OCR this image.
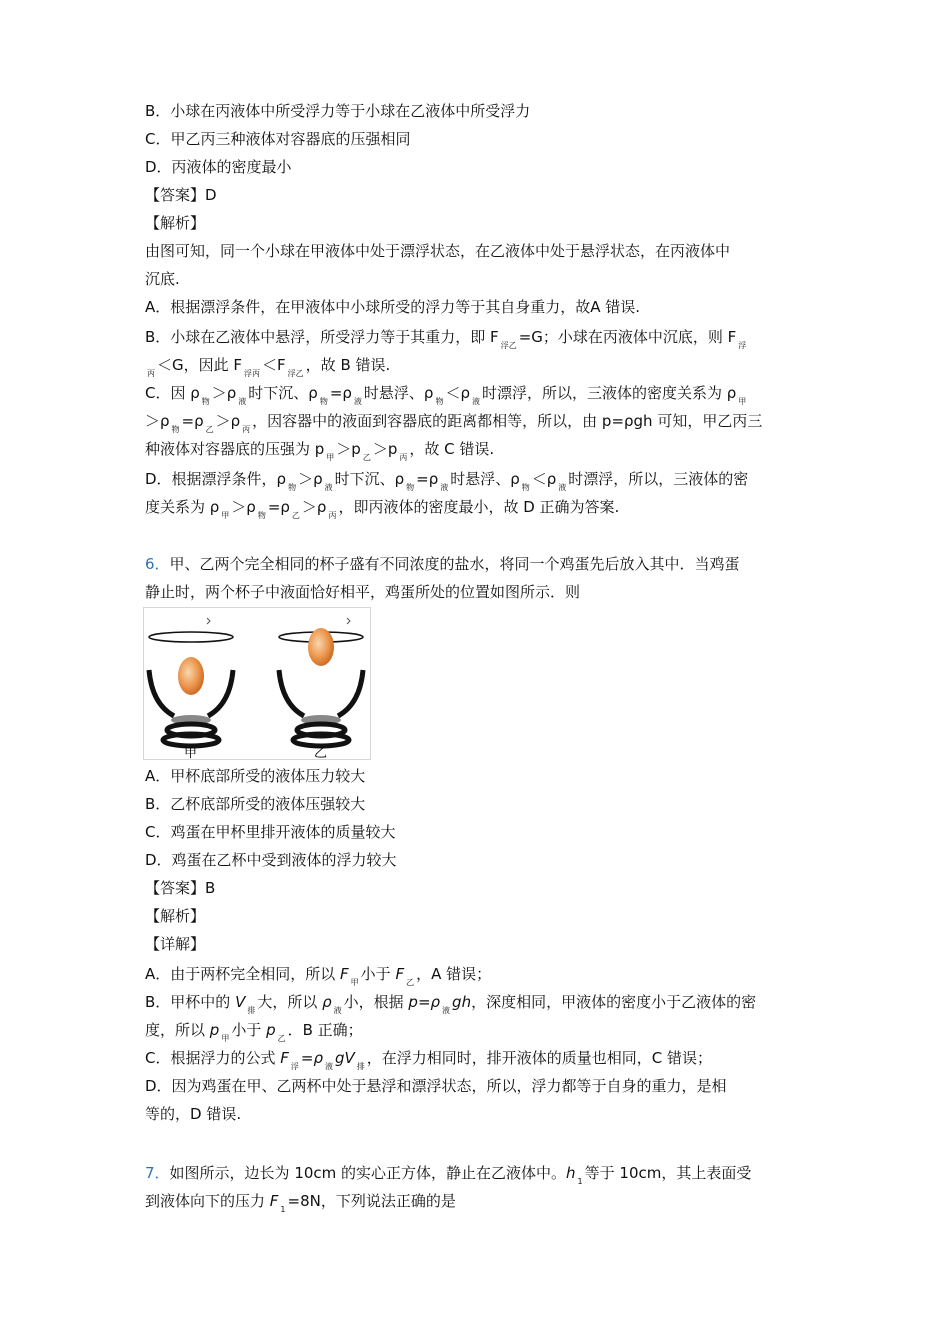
B．小球在丙液体中所受浮力等于小球在乙液体中所受浮力
C．甲乙丙三种液体对容器底的压强相同
D．丙液体的密度最小
【答案】D
【解析】
由图可知，同一个小球在甲液体中处于漂浮状态，在乙液体中处于悬浮状态，在丙液体中
沉底.
A．根据漂浮条件，在甲液体中小球所受的浮力等于其自身重力，故A 错误.
B．小球在乙液体中悬浮，所受浮力等于其重力，即 F $_{浮乙}$ =G；小球在丙液体中沉底，则 F $_浮$
$_丙$ ＜G，因此 F $_{浮丙}$ ＜F $_{浮乙}$ ，故 B 错误.
C．因 ρ $_物$ ＞ρ $_液$ 时下沉、ρ $_物$ =ρ $_液$ 时悬浮、ρ $_物$ ＜ρ $_液$ 时漂浮，所以，三液体的密度关系为 ρ $_甲$
＞ρ $_物$ =ρ $_乙$ ＞ρ $_丙$ ，因容器中的液面到容器底的距离都相等，所以，由 p=ρgh 可知，甲乙丙三
种液体对容器底的压强为 p $_甲$ ＞p $_乙$ ＞p $_丙$ ，故 C 错误.
D．根据漂浮条件，ρ $_物$ ＞ρ $_液$ 时下沉、ρ $_物$ =ρ $_液$ 时悬浮、ρ $_物$ ＜ρ $_液$ 时漂浮，所以，三液体的密
度关系为 ρ $_甲$ ＞ρ $_物$ =ρ $_乙$ ＞ρ $_丙$ ，即丙液体的密度最小，故 D 正确为答案.
6．甲、乙两个完全相同的杯子盛有不同浓度的盐水，将同一个鸡蛋先后放入其中．当鸡蛋
静止时，两个杯子中液面恰好相平，鸡蛋所处的位置如图所示．则
甲	乙
A．甲杯底部所受的液体压力较大
B．乙杯底部所受的液体压强较大
C．鸡蛋在甲杯里排开液体的质量较大
D．鸡蛋在乙杯中受到液体的浮力较大
【答案】B
【解析】
【详解】
A．由于两杯完全相同，所以 F $_甲$ 小于 F $_乙$ ，A 错误；
B．甲杯中的 V $_排$ 大，所以 ρ $_液$ 小，根据 p=ρ $_液$ gh，深度相同，甲液体的密度小于乙液体的密
度，所以 p $_甲$ 小于 p $_乙$ ．B 正确；
C．根据浮力的公式 F $_浮$ =ρ $_液$ gV $_排$ ，在浮力相同时，排开液体的质量也相同，C 错误；
D．因为鸡蛋在甲、乙两杯中处于悬浮和漂浮状态，所以，浮力都等于自身的重力，是相
等的，D 错误.
7．如图所示，边长为 10cm 的实心正方体，静止在乙液体中。h $_1$ 等于 10cm，其上表面受
到液体向下的压力 F $_1$ =8N，下列说法正确的是
